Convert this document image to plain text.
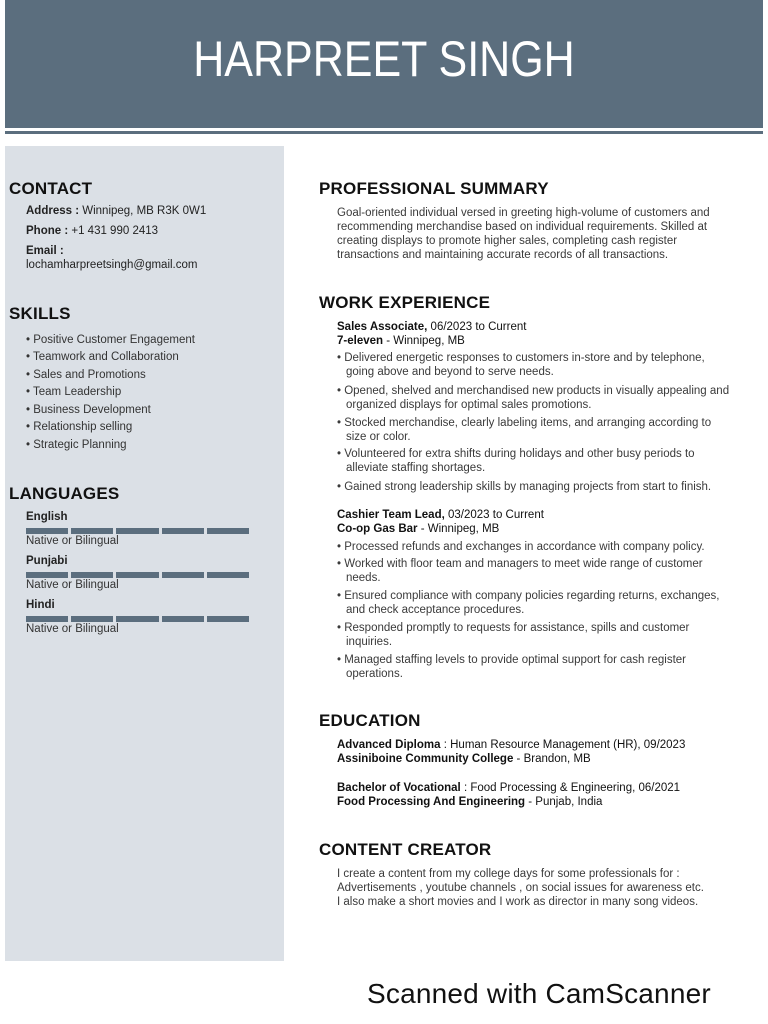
HARPREET SINGH
CONTACT
Address : Winnipeg, MB R3K 0W1
Phone : +1 431 990 2413
Email :
lochamharpreetsingh@gmail.com
SKILLS
• Positive Customer Engagement
• Teamwork and Collaboration
• Sales and Promotions
• Team Leadership
• Business Development
• Relationship selling
• Strategic Planning
LANGUAGES
English
Native or Bilingual
Punjabi
Native or Bilingual
Hindi
Native or Bilingual
PROFESSIONAL SUMMARY
Goal-oriented individual versed in greeting high-volume of customers and
recommending merchandise based on individual requirements. Skilled at
creating displays to promote higher sales, completing cash register
transactions and maintaining accurate records of all transactions.
WORK EXPERIENCE
Sales Associate, 06/2023 to Current
7-eleven - Winnipeg, MB
• Delivered energetic responses to customers in-store and by telephone,
going above and beyond to serve needs.
• Opened, shelved and merchandised new products in visually appealing and
organized displays for optimal sales promotions.
• Stocked merchandise, clearly labeling items, and arranging according to
size or color.
• Volunteered for extra shifts during holidays and other busy periods to
alleviate staffing shortages.
• Gained strong leadership skills by managing projects from start to finish.
Cashier Team Lead, 03/2023 to Current
Co-op Gas Bar - Winnipeg, MB
• Processed refunds and exchanges in accordance with company policy.
• Worked with floor team and managers to meet wide range of customer
needs.
• Ensured compliance with company policies regarding returns, exchanges,
and check acceptance procedures.
• Responded promptly to requests for assistance, spills and customer
inquiries.
• Managed staffing levels to provide optimal support for cash register
operations.
EDUCATION
Advanced Diploma : Human Resource Management (HR), 09/2023
Assiniboine Community College - Brandon, MB
Bachelor of Vocational : Food Processing & Engineering, 06/2021
Food Processing And Engineering - Punjab, India
CONTENT CREATOR
I create a content from my college days for some professionals for :
Advertisements , youtube channels , on social issues for awareness etc.
I also make a short movies and I work as director in many song videos.
Scanned with CamScanner
